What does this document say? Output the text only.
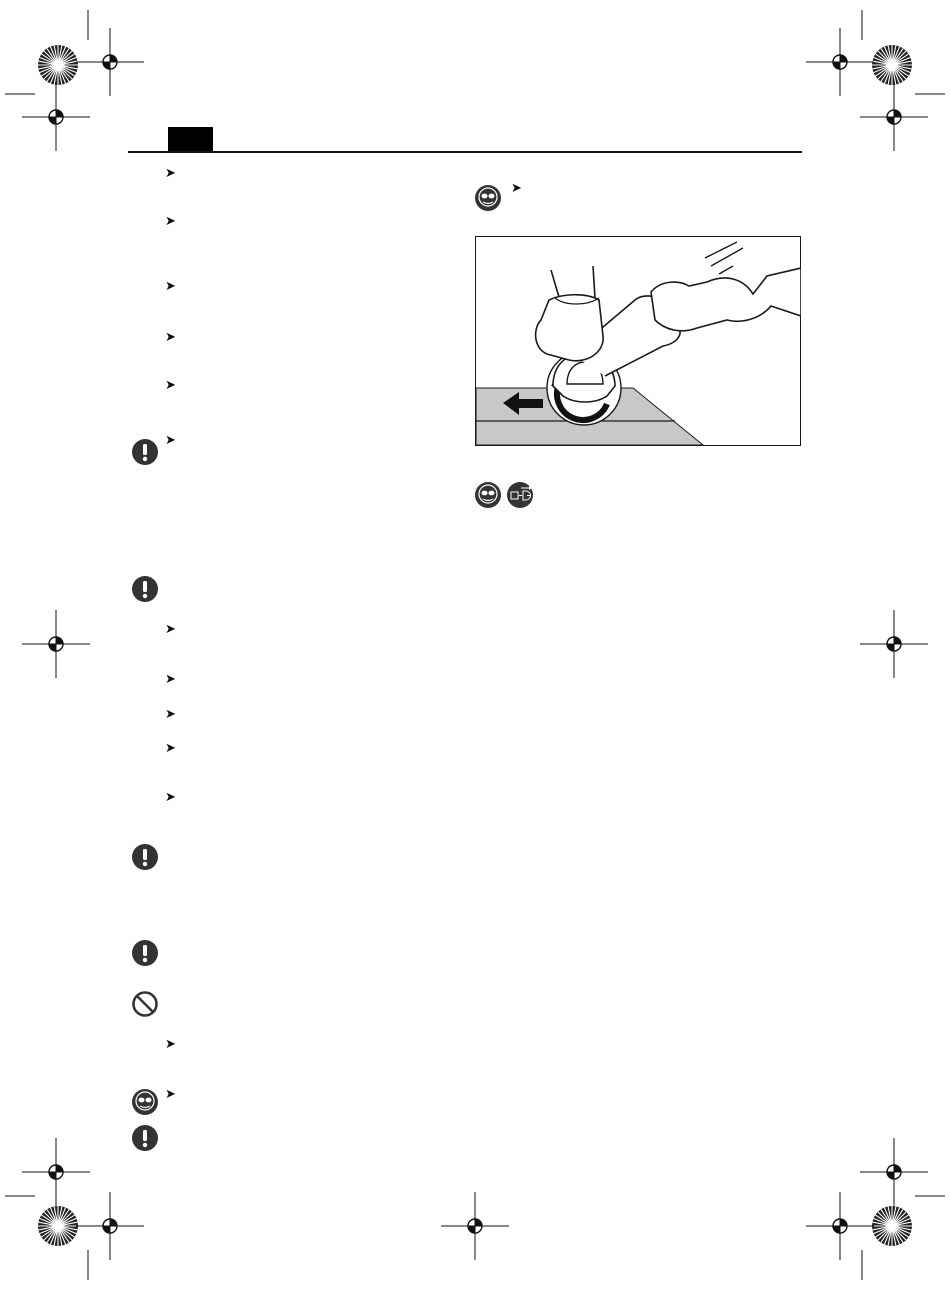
➤
➤
➤
➤
➤
➤
➤
➤
➤
➤
➤
➤
➤
➤
